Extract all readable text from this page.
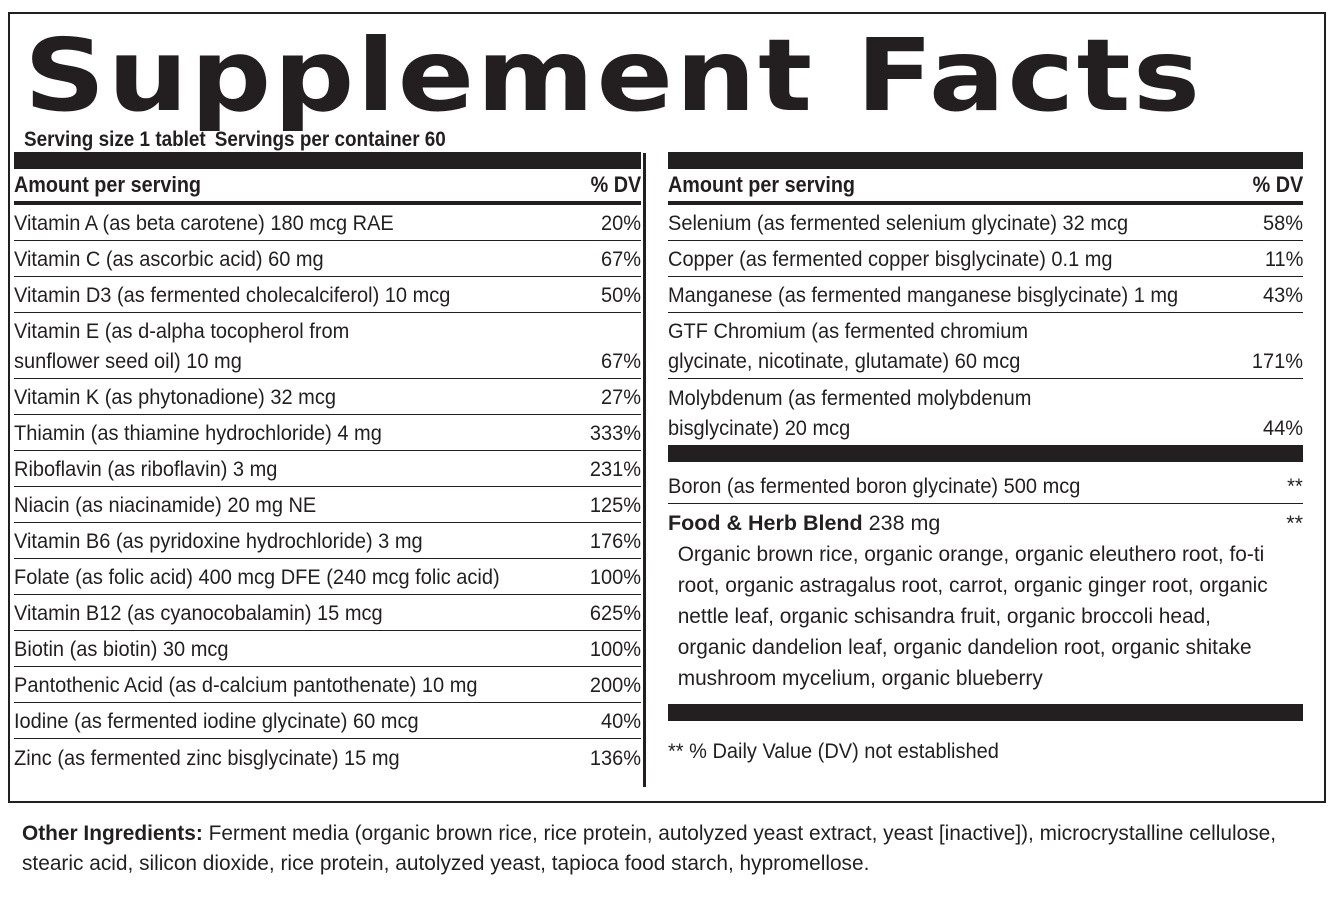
Supplement Facts
Serving size 1 tablet Servings per container 60
Amount per serving	% DV
Vitamin A (as beta carotene) 180 mcg RAE	20%
Vitamin C (as ascorbic acid) 60 mg	67%
Vitamin D3 (as fermented cholecalciferol) 10 mcg	50%
Vitamin E (as d-alpha tocopherol from sunflower seed oil) 10 mg	67%
Vitamin K (as phytonadione) 32 mcg	27%
Thiamin (as thiamine hydrochloride) 4 mg	333%
Riboflavin (as riboflavin) 3 mg	231%
Niacin (as niacinamide) 20 mg NE	125%
Vitamin B6 (as pyridoxine hydrochloride) 3 mg	176%
Folate (as folic acid) 400 mcg DFE (240 mcg folic acid)	100%
Vitamin B12 (as cyanocobalamin) 15 mcg	625%
Biotin (as biotin) 30 mcg	100%
Pantothenic Acid (as d-calcium pantothenate) 10 mg	200%
Iodine (as fermented iodine glycinate) 60 mcg	40%
Zinc (as fermented zinc bisglycinate) 15 mg	136%
Amount per serving	% DV
Selenium (as fermented selenium glycinate) 32 mcg	58%
Copper (as fermented copper bisglycinate) 0.1 mg	11%
Manganese (as fermented manganese bisglycinate) 1 mg	43%
GTF Chromium (as fermented chromium glycinate, nicotinate, glutamate) 60 mcg	171%
Molybdenum (as fermented molybdenum bisglycinate) 20 mcg	44%
Boron (as fermented boron glycinate) 500 mcg	**
Food & Herb Blend 238 mg	**
Organic brown rice, organic orange, organic eleuthero root, fo-ti root, organic astragalus root, carrot, organic ginger root, organic nettle leaf, organic schisandra fruit, organic broccoli head, organic dandelion leaf, organic dandelion root, organic shitake mushroom mycelium, organic blueberry
** % Daily Value (DV) not established
Other Ingredients: Ferment media (organic brown rice, rice protein, autolyzed yeast extract, yeast [inactive]), microcrystalline cellulose, stearic acid, silicon dioxide, rice protein, autolyzed yeast, tapioca food starch, hypromellose.
